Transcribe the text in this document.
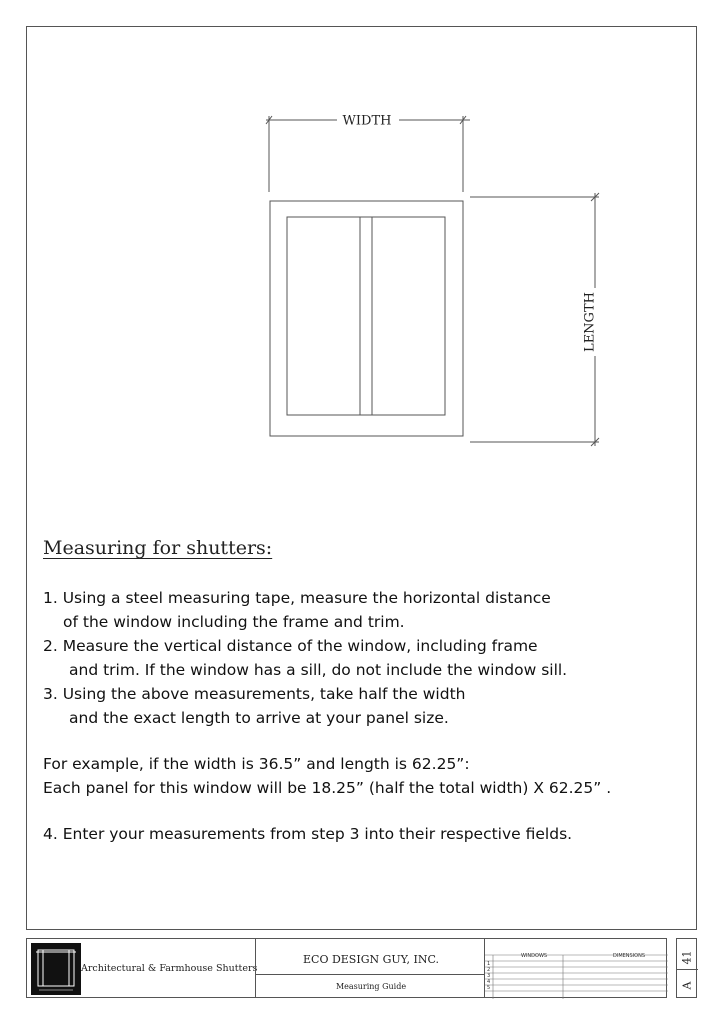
WIDTH
LENGTH
Measuring for shutters:
1. Using a steel measuring tape, measure the horizontal distance
of the window including the frame and trim.
2. Measure the vertical distance of the window, including frame
and trim. If the window has a sill, do not include the window sill.
3. Using the above measurements, take half the width
and the exact length to arrive at your panel size.
For example, if the width is 36.5” and length is 62.25”:
Each panel for this window will be 18.25” (half the total width) X 62.25” .
4. Enter your measurements from step 3 into their respective fields.
Architectural & Farmhouse Shutters
ECO DESIGN GUY, INC.
Measuring Guide
WINDOWS	DIMENSIONS
1
2
3
4
5
41
A
